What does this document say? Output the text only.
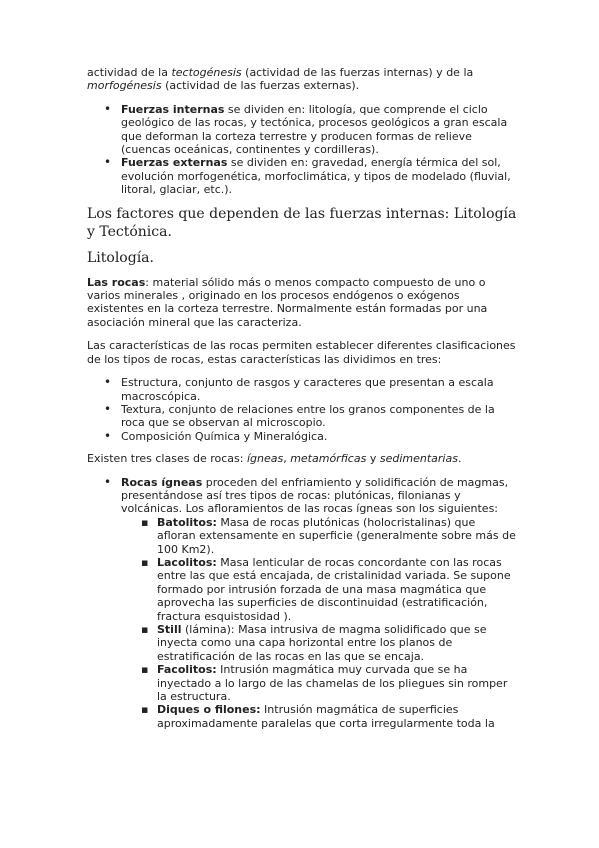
actividad de la tectogénesis (actividad de las fuerzas internas) y de la
morfogénesis (actividad de las fuerzas externas).

• Fuerzas internas se dividen en: litología, que comprende el ciclo geológico de las rocas, y tectónica, procesos geológicos a gran escala que deforman la corteza terrestre y producen formas de relieve (cuencas oceánicas, continentes y cordilleras).
• Fuerzas externas se dividen en: gravedad, energía térmica del sol, evolución morfogenética, morfoclimática, y tipos de modelado (fluvial, litoral, glaciar, etc.).

Los factores que dependen de las fuerzas internas: Litología y Tectónica.

Litología.

Las rocas: material sólido más o menos compacto compuesto de uno o varios minerales , originado en los procesos endógenos o exógenos existentes en la corteza terrestre. Normalmente están formadas por una asociación mineral que las caracteriza.

Las características de las rocas permiten establecer diferentes clasificaciones de los tipos de rocas, estas características las dividimos en tres:

• Estructura, conjunto de rasgos y caracteres que presentan a escala macroscópica.
• Textura, conjunto de relaciones entre los granos componentes de la roca que se observan al microscopio.
• Composición Química y Mineralógica.

Existen tres clases de rocas: ígneas, metamórficas y sedimentarias.

• Rocas ígneas proceden del enfriamiento y solidificación de magmas, presentándose así tres tipos de rocas: plutónicas, filonianas y volcánicas. Los afloramientos de las rocas ígneas son los siguientes:
▪ Batolitos: Masa de rocas plutónicas (holocristalinas) que afloran extensamente en superficie (generalmente sobre más de 100 Km2).
▪ Lacolitos: Masa lenticular de rocas concordante con las rocas entre las que está encajada, de cristalinidad variada. Se supone formado por intrusión forzada de una masa magmática que aprovecha las superficies de discontinuidad (estratificación, fractura esquistosidad ).
▪ Still (lámina): Masa intrusiva de magma solidificado que se inyecta como una capa horizontal entre los planos de estratificación de las rocas en las que se encaja.
▪ Facolitos: Intrusión magmática muy curvada que se ha inyectado a lo largo de las chamelas de los pliegues sin romper la estructura.
▪ Diques o filones: Intrusión magmática de superficies aproximadamente paralelas que corta irregularmente toda la
